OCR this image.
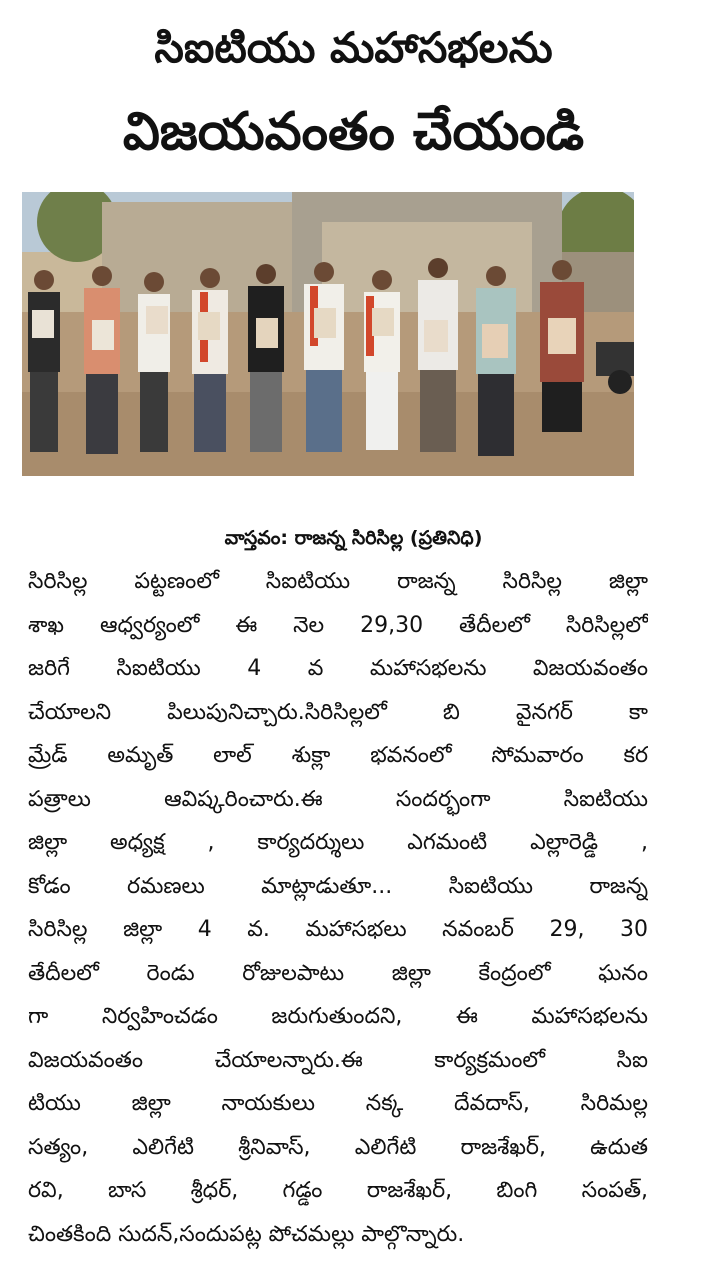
సిఐటియు మహాసభలను
విజయవంతం చేయండి
వాస్తవం: రాజన్న సిరిసిల్ల (ప్రతినిధి)
సిరిసిల్ల పట్టణంలో సిఐటియు రాజన్న సిరిసిల్ల జిల్లా
శాఖ ఆధ్వర్యంలో ఈ నెల 29,30 తేదీలలో సిరిసిల్లలో
జరిగే సిఐటియు 4 వ మహాసభలను విజయవంతం
చేయాలని పిలుపునిచ్చారు.సిరిసిల్లలో బి వైనగర్ కా
మ్రేడ్ అమృత్ లాల్ శుక్లా భవనంలో సోమవారం కర
పత్రాలు ఆవిష్కరించారు.ఈ సందర్భంగా సిఐటియు
జిల్లా అధ్యక్ష , కార్యదర్శులు ఎగమంటి ఎల్లారెడ్డి ,
కోడం రమణలు మాట్లాడుతూ... సిఐటియు రాజన్న
సిరిసిల్ల జిల్లా 4 వ. మహాసభలు నవంబర్ 29, 30
తేదీలలో రెండు రోజులపాటు జిల్లా కేంద్రంలో ఘనం
గా నిర్వహించడం జరుగుతుందని, ఈ మహాసభలను
విజయవంతం చేయాలన్నారు.ఈ కార్యక్రమంలో సిఐ
టియు జిల్లా నాయకులు నక్క దేవదాస్, సిరిమల్ల
సత్యం, ఎలిగేటి శ్రీనివాస్, ఎలిగేటి రాజశేఖర్, ఉదుత
రవి, బాస శ్రీధర్, గడ్డం రాజశేఖర్, బింగి సంపత్,
చింతకింది సుదన్,సందుపట్ల పోచమల్లు పాల్గొన్నారు.
